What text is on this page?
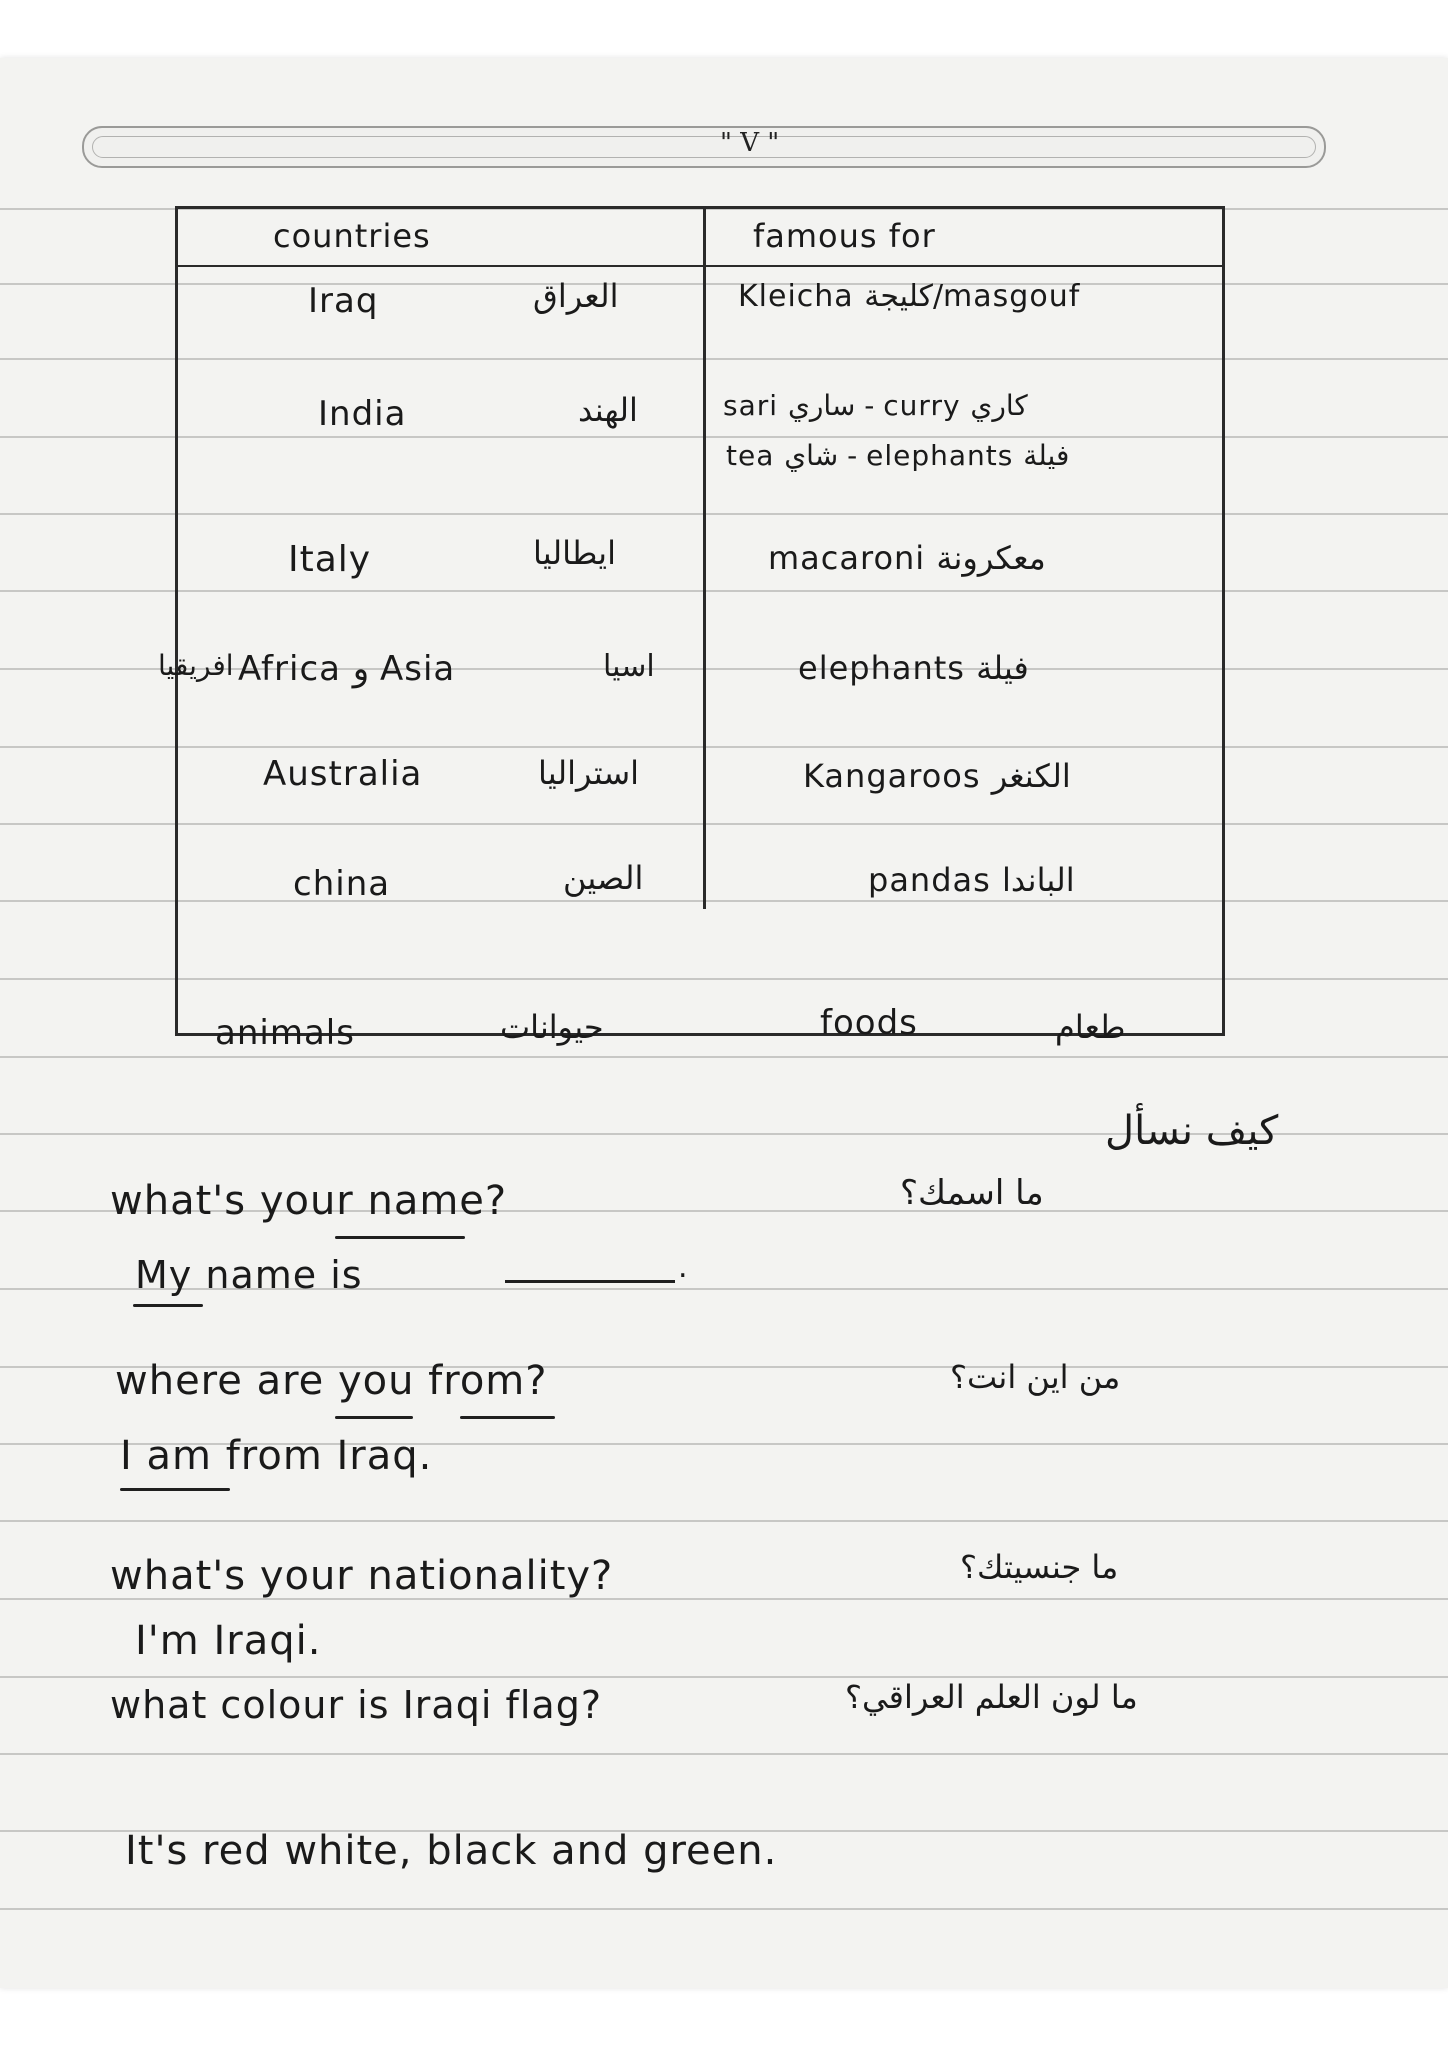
" V "
countries	famous for
Iraq	العراق	Kleicha كليجة/masgouf
India	الهند	sari ساري - curry كاري
tea شاي - elephants فيلة
Italy	ايطاليا	macaroni معكرونة
افريقيا Africa و Asia	اسيا	elephants فيلة
Australia	استراليا	Kangaroos الكنغر
china	الصين	pandas الباندا
animals	حيوانات	foods	طعام
كيف نسأل
what's your name?	ما اسمك؟
My name is	.
where are you from?	من اين انت؟
I am from Iraq.
what's your nationality?	ما جنسيتك؟
I'm Iraqi.
what colour is Iraqi flag?	ما لون العلم العراقي؟
It's red white, black and green.
